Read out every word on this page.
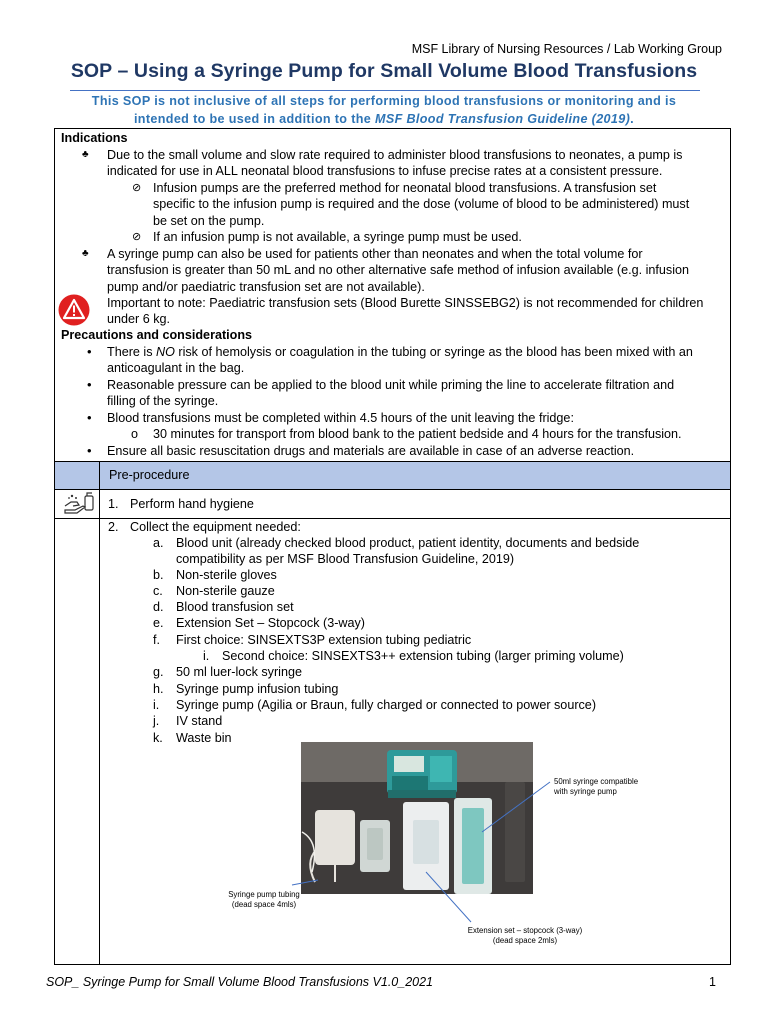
MSF Library of Nursing Resources / Lab Working Group
SOP – Using a Syringe Pump for Small Volume Blood Transfusions
This SOP is not inclusive of all steps for performing blood transfusions or monitoring and is
intended to be used in addition to the MSF Blood Transfusion Guideline (2019).
Indications
♣ Due to the small volume and slow rate required to administer blood transfusions to neonates, a pump is
indicated for use in ALL neonatal blood transfusions to infuse precise rates at a consistent pressure.
⊘ Infusion pumps are the preferred method for neonatal blood transfusions. A transfusion set
specific to the infusion pump is required and the dose (volume of blood to be administered) must
be set on the pump.
⊘ If an infusion pump is not available, a syringe pump must be used.
♣ A syringe pump can also be used for patients other than neonates and when the total volume for
transfusion is greater than 50 mL and no other alternative safe method of infusion available (e.g. infusion
pump and/or paediatric transfusion set are not available).
Important to note: Paediatric transfusion sets (Blood Burette SINSSEBG2) is not recommended for children
under 6 kg.
Precautions and considerations
• There is NO risk of hemolysis or coagulation in the tubing or syringe as the blood has been mixed with an
anticoagulant in the bag.
• Reasonable pressure can be applied to the blood unit while priming the line to accelerate filtration and
filling of the syringe.
• Blood transfusions must be completed within 4.5 hours of the unit leaving the fridge:
o 30 minutes for transport from blood bank to the patient bedside and 4 hours for the transfusion.
• Ensure all basic resuscitation drugs and materials are available in case of an adverse reaction.
Pre-procedure
1. Perform hand hygiene
2. Collect the equipment needed:
a. Blood unit (already checked blood product, patient identity, documents and bedside
compatibility as per MSF Blood Transfusion Guideline, 2019)
b. Non-sterile gloves
c. Non-sterile gauze
d. Blood transfusion set
e. Extension Set – Stopcock (3-way)
f. First choice: SINSEXTS3P extension tubing pediatric
i. Second choice: SINSEXTS3++ extension tubing (larger priming volume)
g. 50 ml luer-lock syringe
h. Syringe pump infusion tubing
i. Syringe pump (Agilia or Braun, fully charged or connected to power source)
j. IV stand
k. Waste bin
50ml syringe compatible
with syringe pump
Syringe pump tubing
(dead space 4mls)
Extension set – stopcock (3-way)
(dead space 2mls)
SOP_ Syringe Pump for Small Volume Blood Transfusions V1.0_2021	1
